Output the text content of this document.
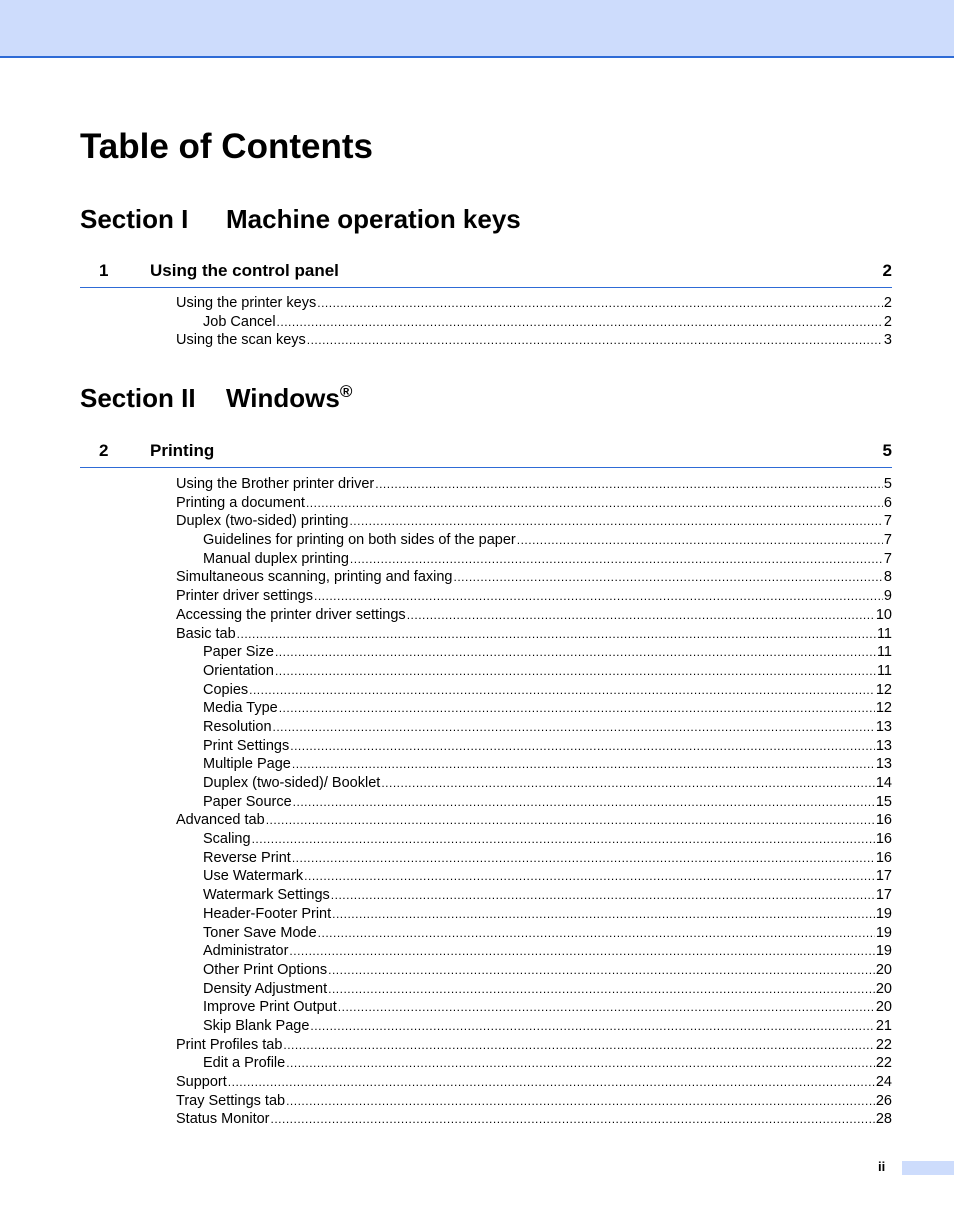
Table of Contents
Section I Machine operation keys
1 Using the control panel	2
Using the printer keys .....	2
Job Cancel .....	2
Using the scan keys .....	3
Section II Windows®
2 Printing	5
Using the Brother printer driver .....	5
Printing a document .....	6
Duplex (two-sided) printing .....	7
Guidelines for printing on both sides of the paper .....	7
Manual duplex printing .....	7
Simultaneous scanning, printing and faxing .....	8
Printer driver settings .....	9
Accessing the printer driver settings .....	10
Basic tab .....	11
Paper Size .....	11
Orientation .....	11
Copies .....	12
Media Type .....	12
Resolution .....	13
Print Settings .....	13
Multiple Page .....	13
Duplex (two-sided)/ Booklet .....	14
Paper Source .....	15
Advanced tab .....	16
Scaling .....	16
Reverse Print .....	16
Use Watermark .....	17
Watermark Settings .....	17
Header-Footer Print .....	19
Toner Save Mode .....	19
Administrator .....	19
Other Print Options .....	20
Density Adjustment .....	20
Improve Print Output .....	20
Skip Blank Page .....	21
Print Profiles tab .....	22
Edit a Profile .....	22
Support .....	24
Tray Settings tab .....	26
Status Monitor .....	28
ii
